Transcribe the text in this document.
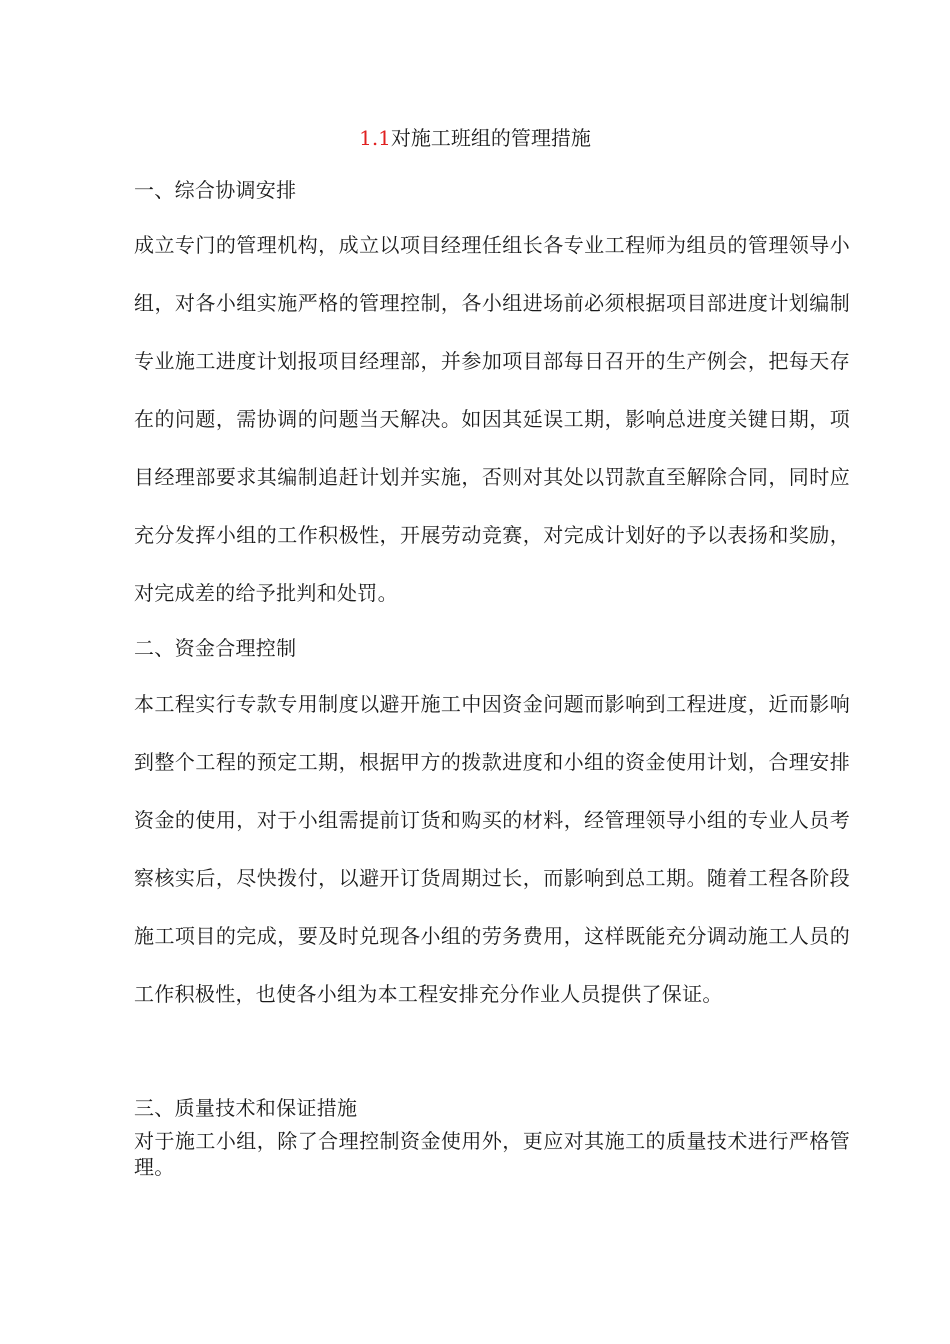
1.1对施工班组的管理措施
一、综合协调安排
成立专门的管理机构，成立以项目经理任组长各专业工程师为组员的管理领导小组，对各小组实施严格的管理控制，各小组进场前必须根据项目部进度计划编制专业施工进度计划报项目经理部，并参加项目部每日召开的生产例会，把每天存在的问题，需协调的问题当天解决。如因其延误工期，影响总进度关键日期，项目经理部要求其编制追赶计划并实施，否则对其处以罚款直至解除合同，同时应充分发挥小组的工作积极性，开展劳动竞赛，对完成计划好的予以表扬和奖励，对完成差的给予批判和处罚。
二、资金合理控制
本工程实行专款专用制度以避开施工中因资金问题而影响到工程进度，近而影响到整个工程的预定工期，根据甲方的拨款进度和小组的资金使用计划，合理安排资金的使用，对于小组需提前订货和购买的材料，经管理领导小组的专业人员考察核实后，尽快拨付，以避开订货周期过长，而影响到总工期。随着工程各阶段施工项目的完成，要及时兑现各小组的劳务费用，这样既能充分调动施工人员的工作积极性，也使各小组为本工程安排充分作业人员提供了保证。
三、质量技术和保证措施
对于施工小组，除了合理控制资金使用外，更应对其施工的质量技术进行严格管理。
